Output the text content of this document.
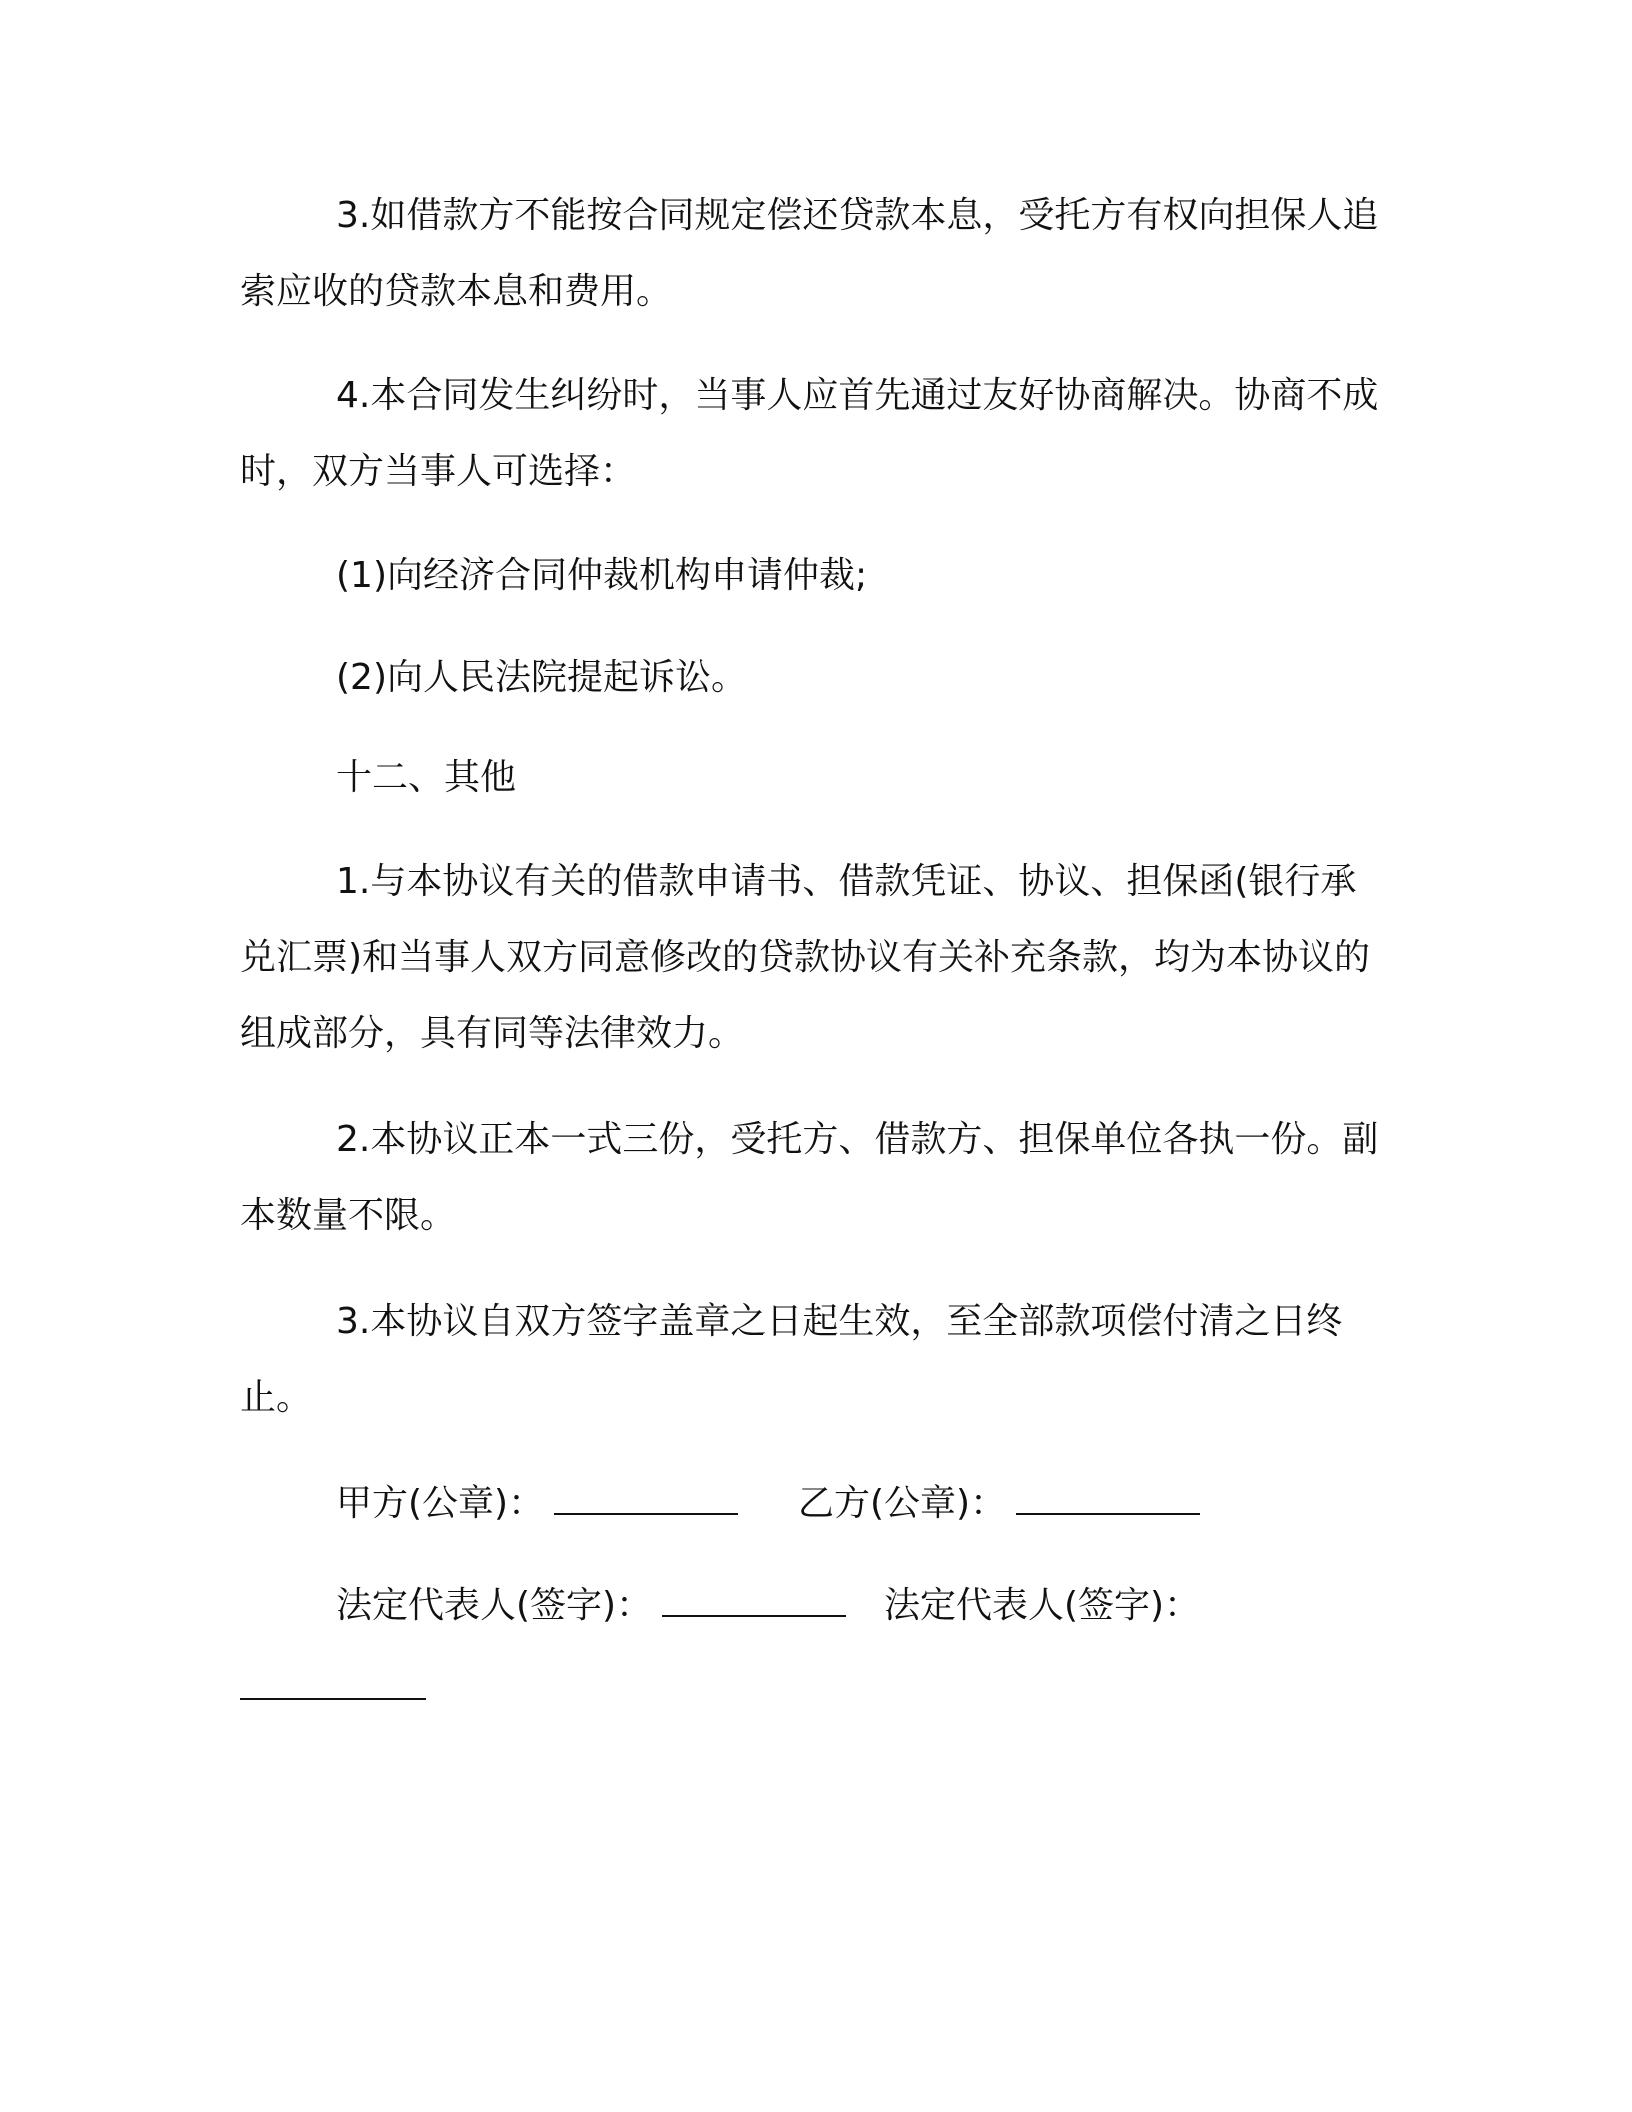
3.如借款方不能按合同规定偿还贷款本息，受托方有权向担保人追索应收的贷款本息和费用。

4.本合同发生纠纷时，当事人应首先通过友好协商解决。协商不成时，双方当事人可选择：

(1)向经济合同仲裁机构申请仲裁;

(2)向人民法院提起诉讼。

十二、其他

1.与本协议有关的借款申请书、借款凭证、协议、担保函(银行承兑汇票)和当事人双方同意修改的贷款协议有关补充条款，均为本协议的组成部分，具有同等法律效力。

2.本协议正本一式三份，受托方、借款方、担保单位各执一份。副本数量不限。

3.本协议自双方签字盖章之日起生效，至全部款项偿付清之日终止。

甲方(公章)：	乙方(公章)：
法定代表人(签字)：	法定代表人(签字)：
